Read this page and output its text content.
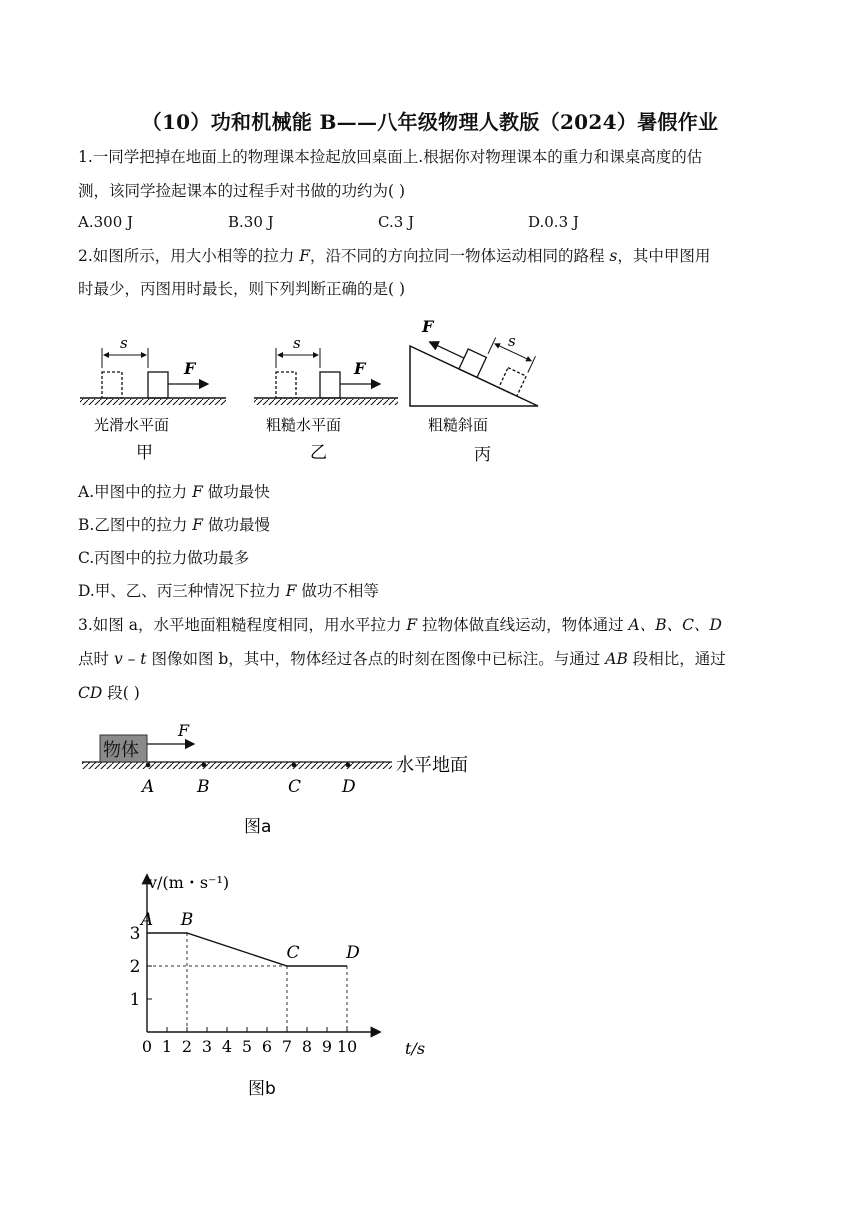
（10）功和机械能 B——八年级物理人教版（2024）暑假作业
1.一同学把掉在地面上的物理课本捡起放回桌面上.根据你对物理课本的重力和课桌高度的估
测，该同学捡起课本的过程手对书做的功约为( )
A.300 J	B.30 J	C.3 J	D.0.3 J
2.如图所示，用大小相等的拉力 F，沿不同的方向拉同一物体运动相同的路程 s，其中甲图用
时最少，丙图用时最长，则下列判断正确的是( )
s
F
光滑水平面
甲
s
F
粗糙水平面
乙
s
F
粗糙斜面
丙
A.甲图中的拉力 F 做功最快
B.乙图中的拉力 F 做功最慢
C.丙图中的拉力做功最多
D.甲、乙、丙三种情况下拉力 F 做功不相等
3.如图 a，水平地面粗糙程度相同，用水平拉力 F 拉物体做直线运动，物体通过 A、B、C、D
点时 v – t 图像如图 b，其中，物体经过各点的时刻在图像中已标注。与通过 AB 段相比，通过
CD 段( )
物体
F
水平地面
A	B	C D
图a
0 1 2 3 4 5 6 7 8 9 10
1
2
3
A B
C	D
v/(m・s⁻¹)
t/s
图b
